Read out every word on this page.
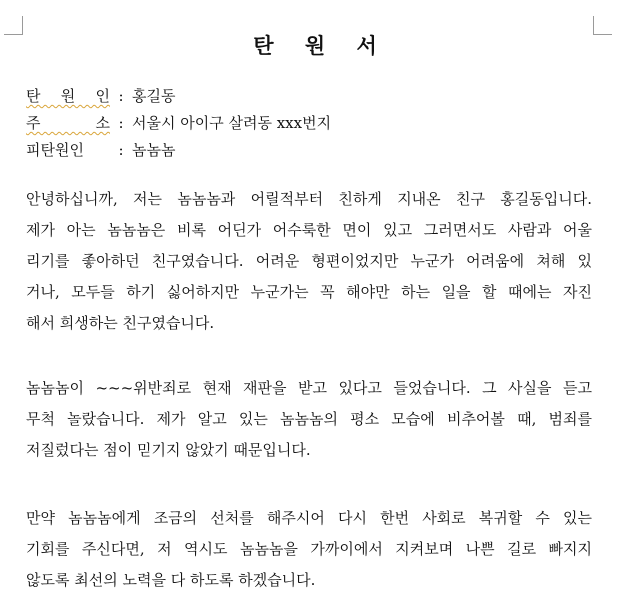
탄 원 서
탄 원 인 : 홍길동
주 소 : 서울시 아이구 살려동 xxx번지
피탄원인 : 놈놈놈
안녕하십니까, 저는 놈놈놈과 어릴적부터 친하게 지내온 친구 홍길동입니다.
제가 아는 놈놈놈은 비록 어딘가 어수룩한 면이 있고 그러면서도 사람과 어울
리기를 좋아하던 친구였습니다. 어려운 형편이었지만 누군가 어려움에 쳐해 있
거나, 모두들 하기 싫어하지만 누군가는 꼭 해야만 하는 일을 할 때에는 자진
해서 희생하는 친구였습니다.
놈놈놈이 ~~~위반죄로 현재 재판을 받고 있다고 들었습니다. 그 사실을 듣고
무척 놀랐습니다. 제가 알고 있는 놈놈놈의 평소 모습에 비추어볼 때, 범죄를
저질렀다는 점이 믿기지 않았기 때문입니다.
만약 놈놈놈에게 조금의 선처를 해주시어 다시 한번 사회로 복귀할 수 있는
기회를 주신다면, 저 역시도 놈놈놈을 가까이에서 지켜보며 나쁜 길로 빠지지
않도록 최선의 노력을 다 하도록 하겠습니다.
